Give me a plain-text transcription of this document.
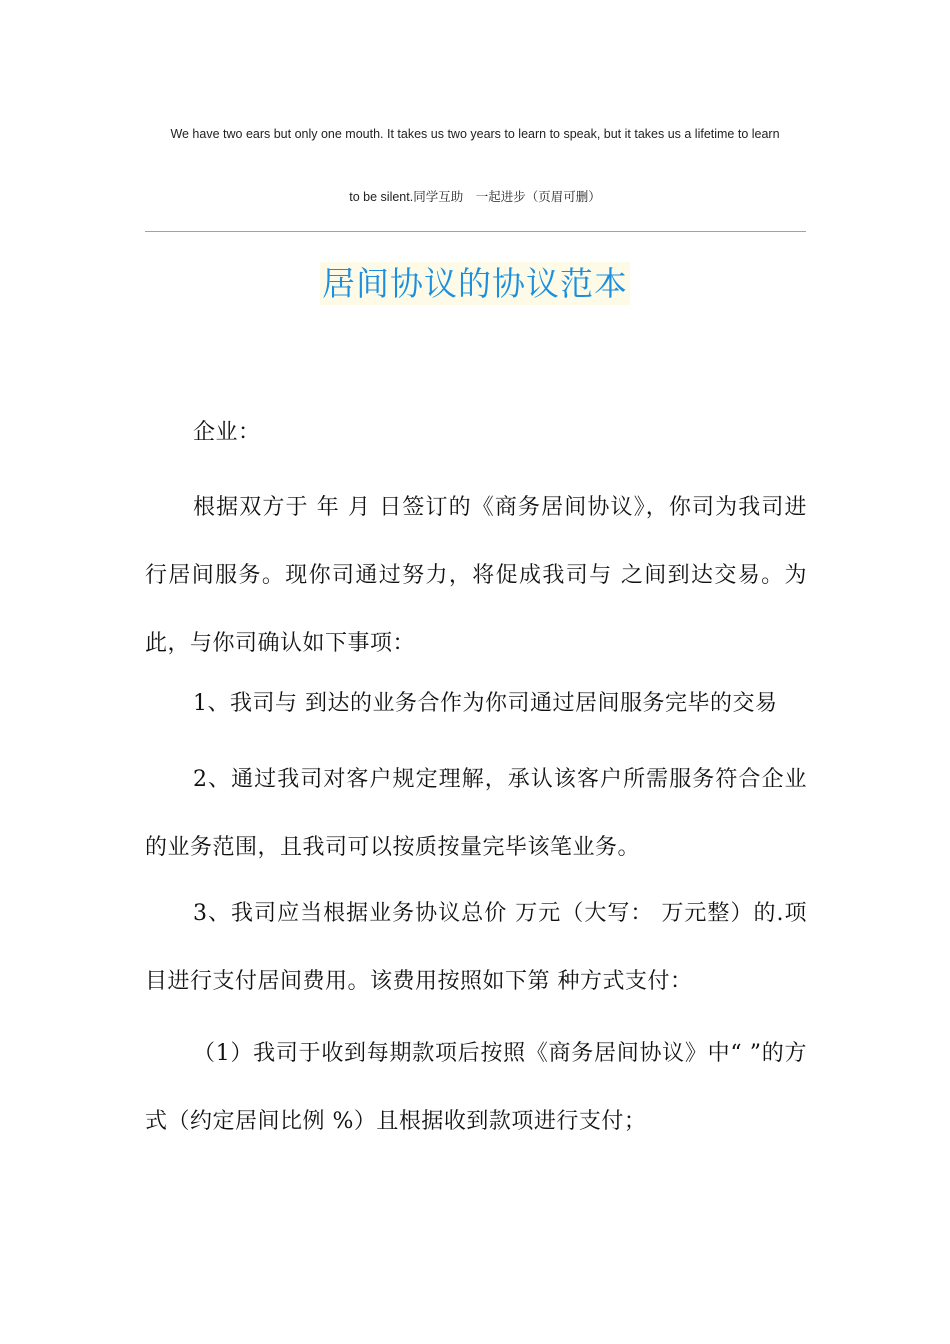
We have two ears but only one mouth. It takes us two years to learn to speak, but it takes us a lifetime to learn
to be silent.同学互助　一起进步（页眉可删）
居间协议的协议范本
企业：
根据双方于 年 月 日签订的《商务居间协议》，你司为我司进行居间服务。现你司通过努力，将促成我司与 之间到达交易。为此，与你司确认如下事项：
1、我司与 到达的业务合作为你司通过居间服务完毕的交易
2、通过我司对客户规定理解，承认该客户所需服务符合企业的业务范围，且我司可以按质按量完毕该笔业务。
3、我司应当根据业务协议总价 万元（大写： 万元整）的.项目进行支付居间费用。该费用按照如下第 种方式支付：
（1）我司于收到每期款项后按照《商务居间协议》中“ ”的方式（约定居间比例 %）且根据收到款项进行支付；
